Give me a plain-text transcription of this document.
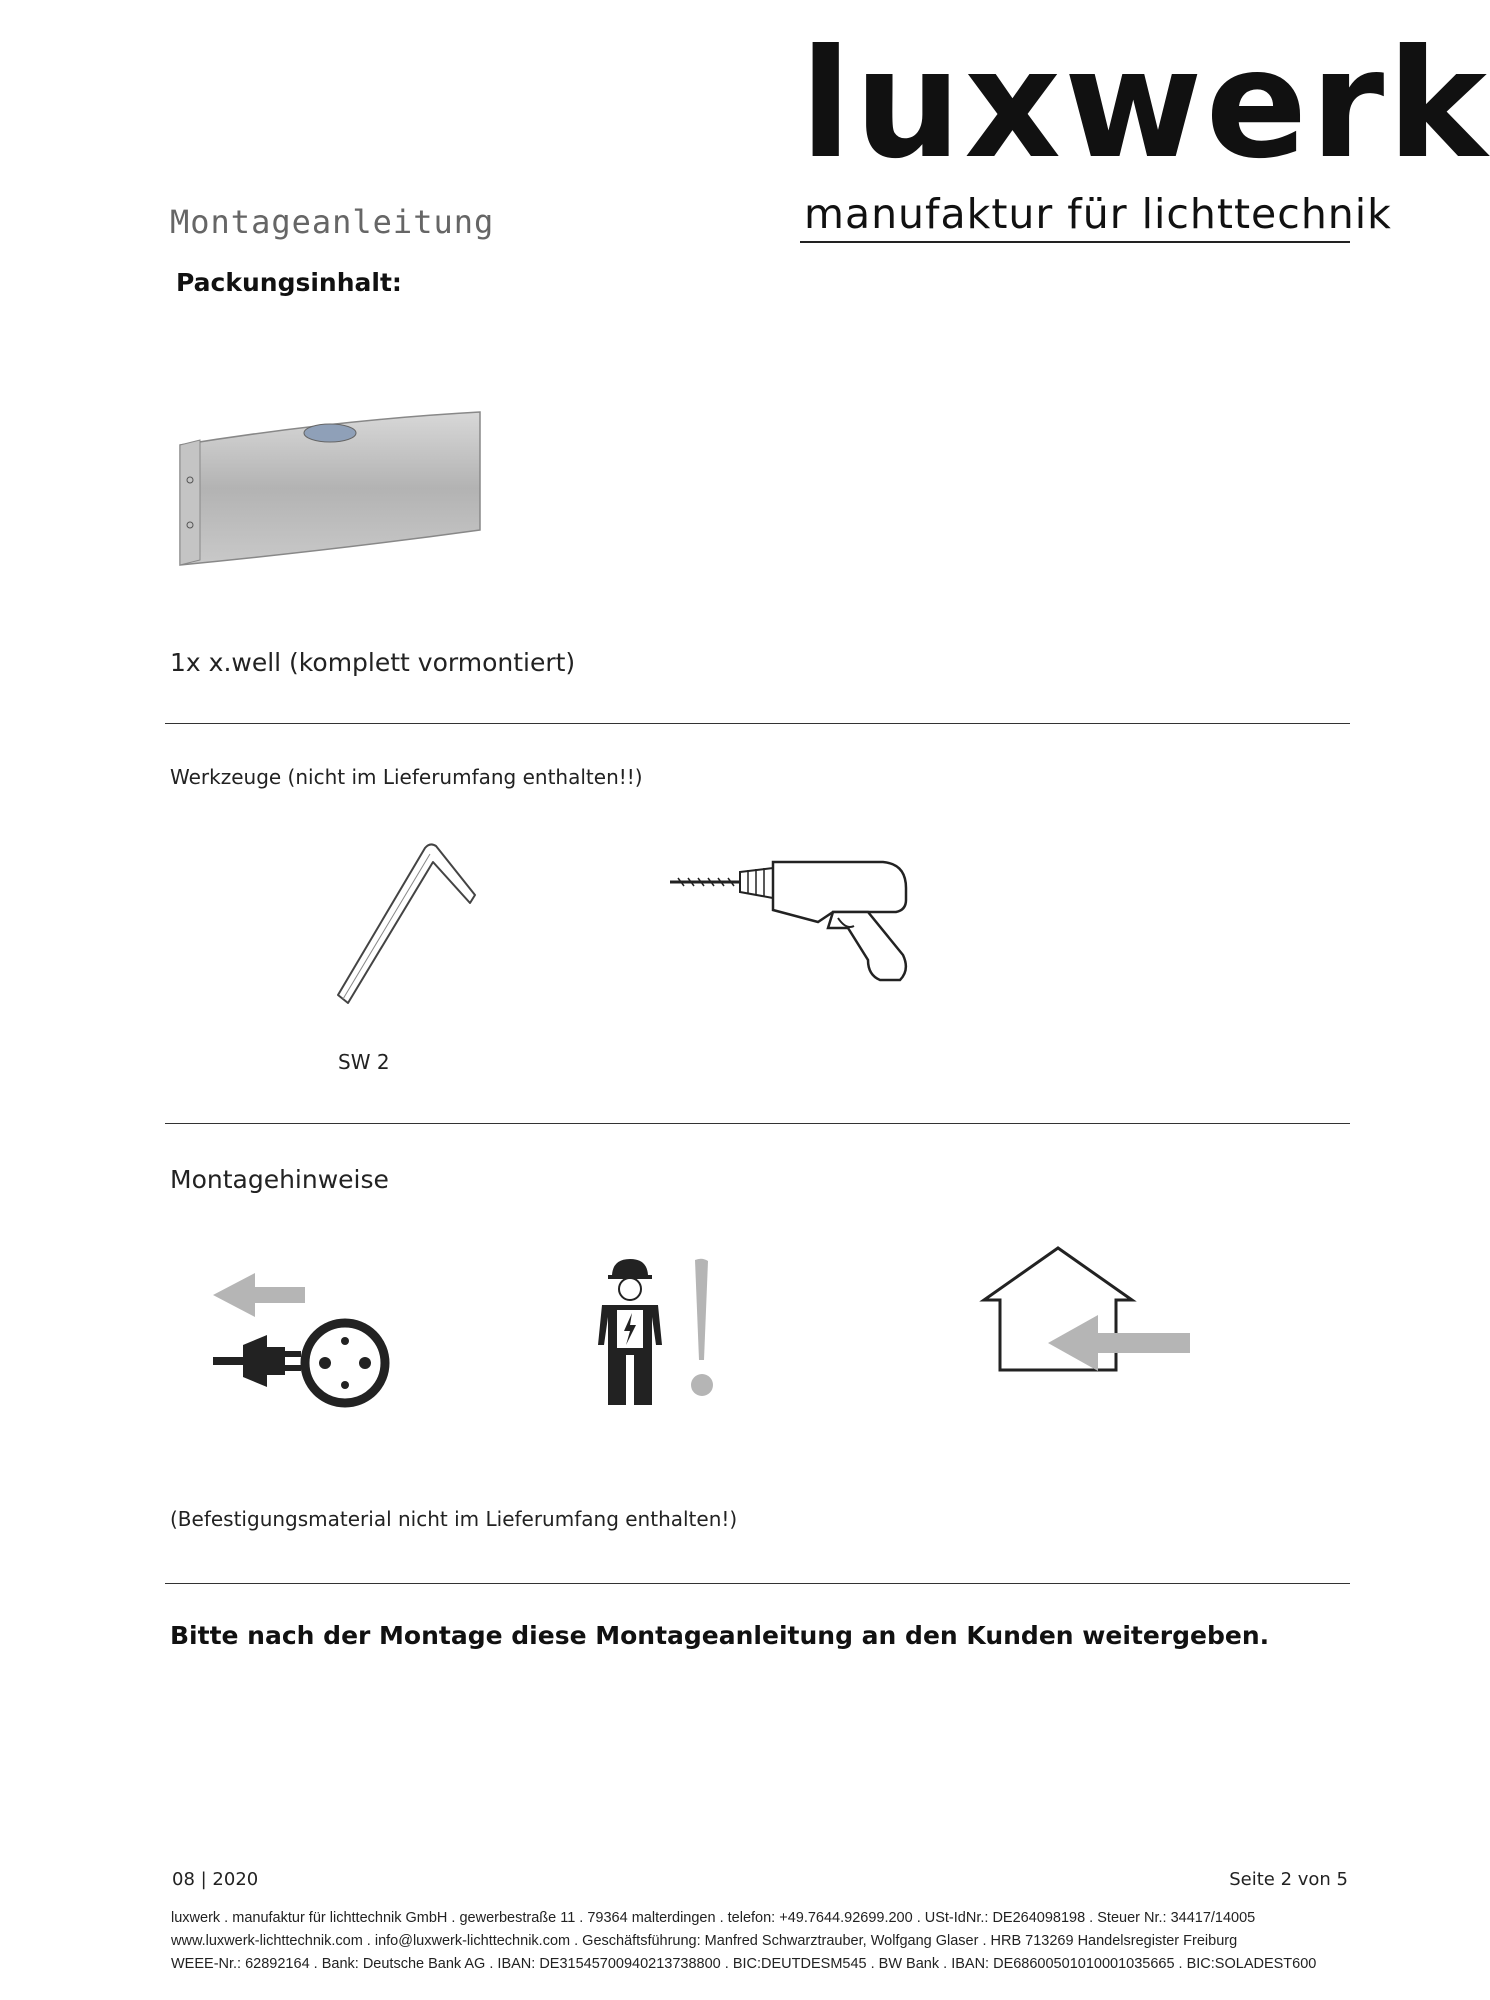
luxwerk
manufaktur für lichttechnik
Montageanleitung
Packungsinhalt:
1x x.well (komplett vormontiert)
Werkzeuge (nicht im Lieferumfang enthalten!!)
SW 2
Montagehinweise
(Befestigungsmaterial nicht im Lieferumfang enthalten!)
Bitte nach der Montage diese Montageanleitung an den Kunden weitergeben.
08 | 2020	Seite 2 von 5
luxwerk . manufaktur für lichttechnik GmbH . gewerbestraße 11 . 79364 malterdingen . telefon: +49.7644.92699.200 . USt-IdNr.: DE264098198 . Steuer Nr.: 34417/14005
www.luxwerk-lichttechnik.com . info@luxwerk-lichttechnik.com . Geschäftsführung: Manfred Schwarztrauber, Wolfgang Glaser . HRB 713269 Handelsregister Freiburg
WEEE-Nr.: 62892164 . Bank: Deutsche Bank AG . IBAN: DE31545700940213738800 . BIC:DEUTDESM545 . BW Bank . IBAN: DE68600501010001035665 . BIC:SOLADEST600
